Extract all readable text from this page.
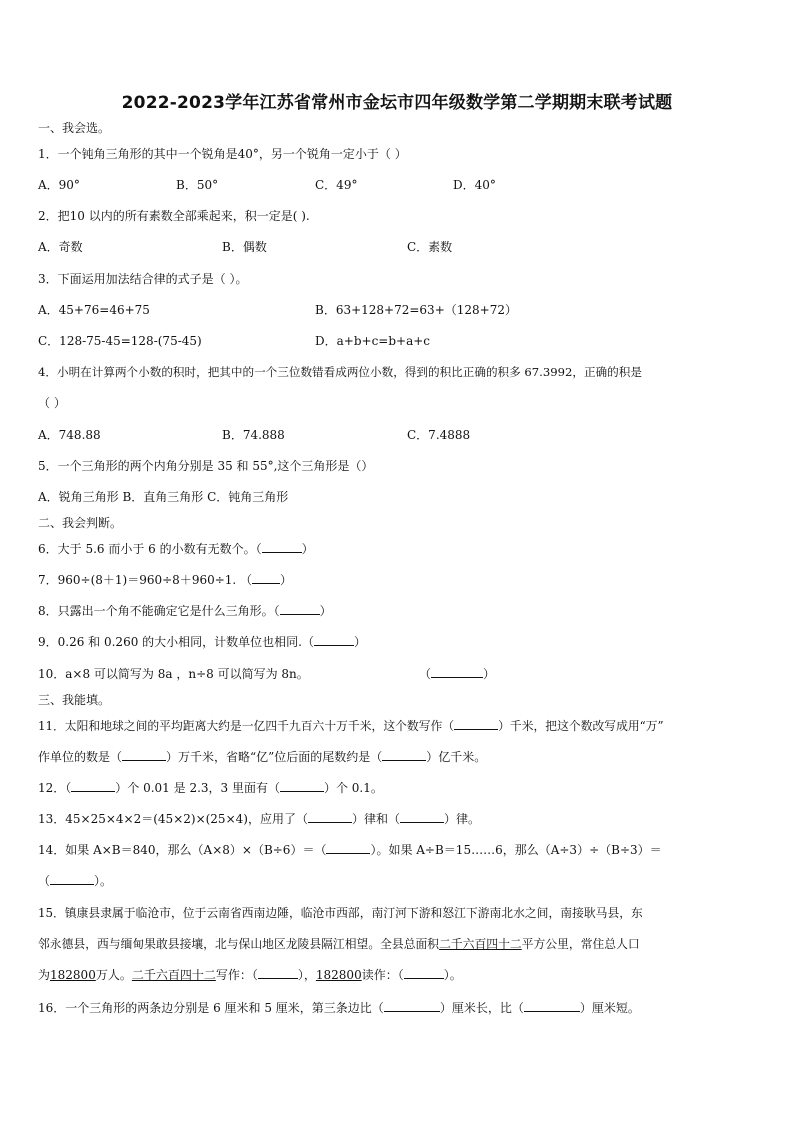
2022-2023学年江苏省常州市金坛市四年级数学第二学期期末联考试题
一、我会选。
1．一个钝角三角形的其中一个锐角是40°，另一个锐角一定小于（ ）
A．90°	B．50°	C．49°	D．40°
2．把10 以内的所有素数全部乘起来，积一定是( ).
A．奇数	B．偶数	C．素数
3．下面运用加法结合律的式子是（ ）。
A．45+76=46+75	B．63+128+72=63+（128+72）
C．128-75-45=128-(75-45)	D．a+b+c=b+a+c
4．小明在计算两个小数的积时，把其中的一个三位数错看成两位小数，得到的积比正确的积多 67.3992，正确的积是
（ ）
A．748.88	B．74.888	C．7.4888
5．一个三角形的两个内角分别是 35 和 55°,这个三角形是（）
A．锐角三角形 B．直角三角形 C．钝角三角形
二、我会判断。
6．大于 5.6 而小于 6 的小数有无数个。（	）
7．960÷(8＋1)＝960÷8＋960÷1. （ ）
8．只露出一个角不能确定它是什么三角形。（	）
9．0.26 和 0.260 的大小相同，计数单位也相同.（	）
10．a×8 可以简写为 8a ，n÷8 可以简写为 8n。	（	）
三、我能填。
11．太阳和地球之间的平均距离大约是一亿四千九百六十万千米，这个数写作（	）千米，把这个数改写成用“万”
作单位的数是（	）万千米，省略“亿”位后面的尾数约是（	）亿千米。
12．（	）个 0.01 是 2.3，3 里面有（	）个 0.1。
13．45×25×4×2＝(45×2)×(25×4)，应用了（	）律和（	）律。
14．如果 A×B＝840，那么（A×8）×（B÷6）＝（	）。如果 A÷B＝15……6，那么（A÷3）÷（B÷3）＝
（	）。
15．镇康县隶属于临沧市，位于云南省西南边陲，临沧市西部，南汀河下游和怒江下游南北水之间，南接耿马县，东
邻永德县，西与缅甸果敢县接壤，北与保山地区龙陵县隔江相望。全县总面积二千六百四十二平方公里，常住总人口
为182800万人。二千六百四十二写作：（	），182800读作：（	）。
16．一个三角形的两条边分别是 6 厘米和 5 厘米，第三条边比（	）厘米长，比（	）厘米短。
